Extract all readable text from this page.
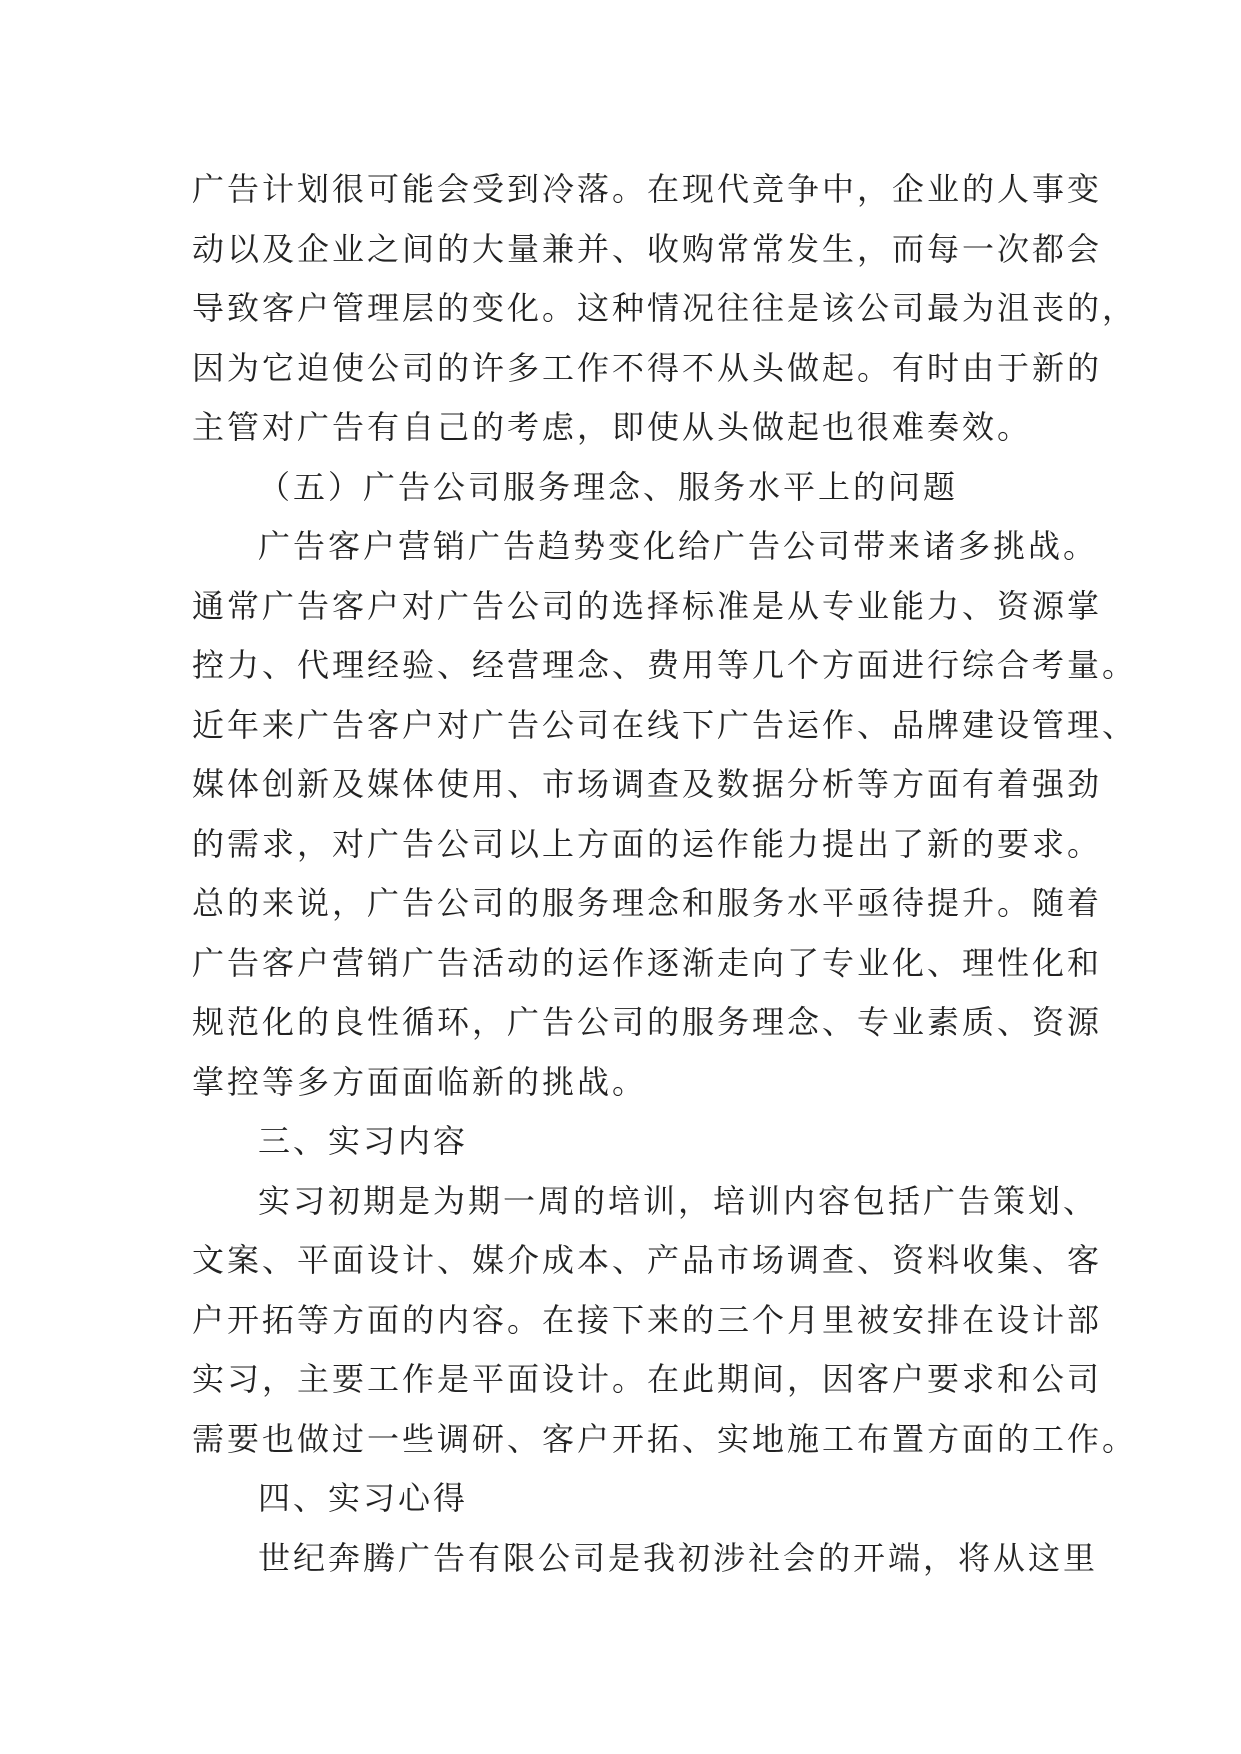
广告计划很可能会受到冷落。在现代竞争中，企业的人事变
动以及企业之间的大量兼并、收购常常发生，而每一次都会
导致客户管理层的变化。这种情况往往是该公司最为沮丧的，
因为它迫使公司的许多工作不得不从头做起。有时由于新的
主管对广告有自己的考虑，即使从头做起也很难奏效。
（五）广告公司服务理念、服务水平上的问题
广告客户营销广告趋势变化给广告公司带来诸多挑战。
通常广告客户对广告公司的选择标准是从专业能力、资源掌
控力、代理经验、经营理念、费用等几个方面进行综合考量。
近年来广告客户对广告公司在线下广告运作、品牌建设管理、
媒体创新及媒体使用、市场调查及数据分析等方面有着强劲
的需求，对广告公司以上方面的运作能力提出了新的要求。
总的来说，广告公司的服务理念和服务水平亟待提升。随着
广告客户营销广告活动的运作逐渐走向了专业化、理性化和
规范化的良性循环，广告公司的服务理念、专业素质、资源
掌控等多方面面临新的挑战。
三、实习内容
实习初期是为期一周的培训，培训内容包括广告策划、
文案、平面设计、媒介成本、产品市场调查、资料收集、客
户开拓等方面的内容。在接下来的三个月里被安排在设计部
实习，主要工作是平面设计。在此期间，因客户要求和公司
需要也做过一些调研、客户开拓、实地施工布置方面的工作。
四、实习心得
世纪奔腾广告有限公司是我初涉社会的开端，将从这里
